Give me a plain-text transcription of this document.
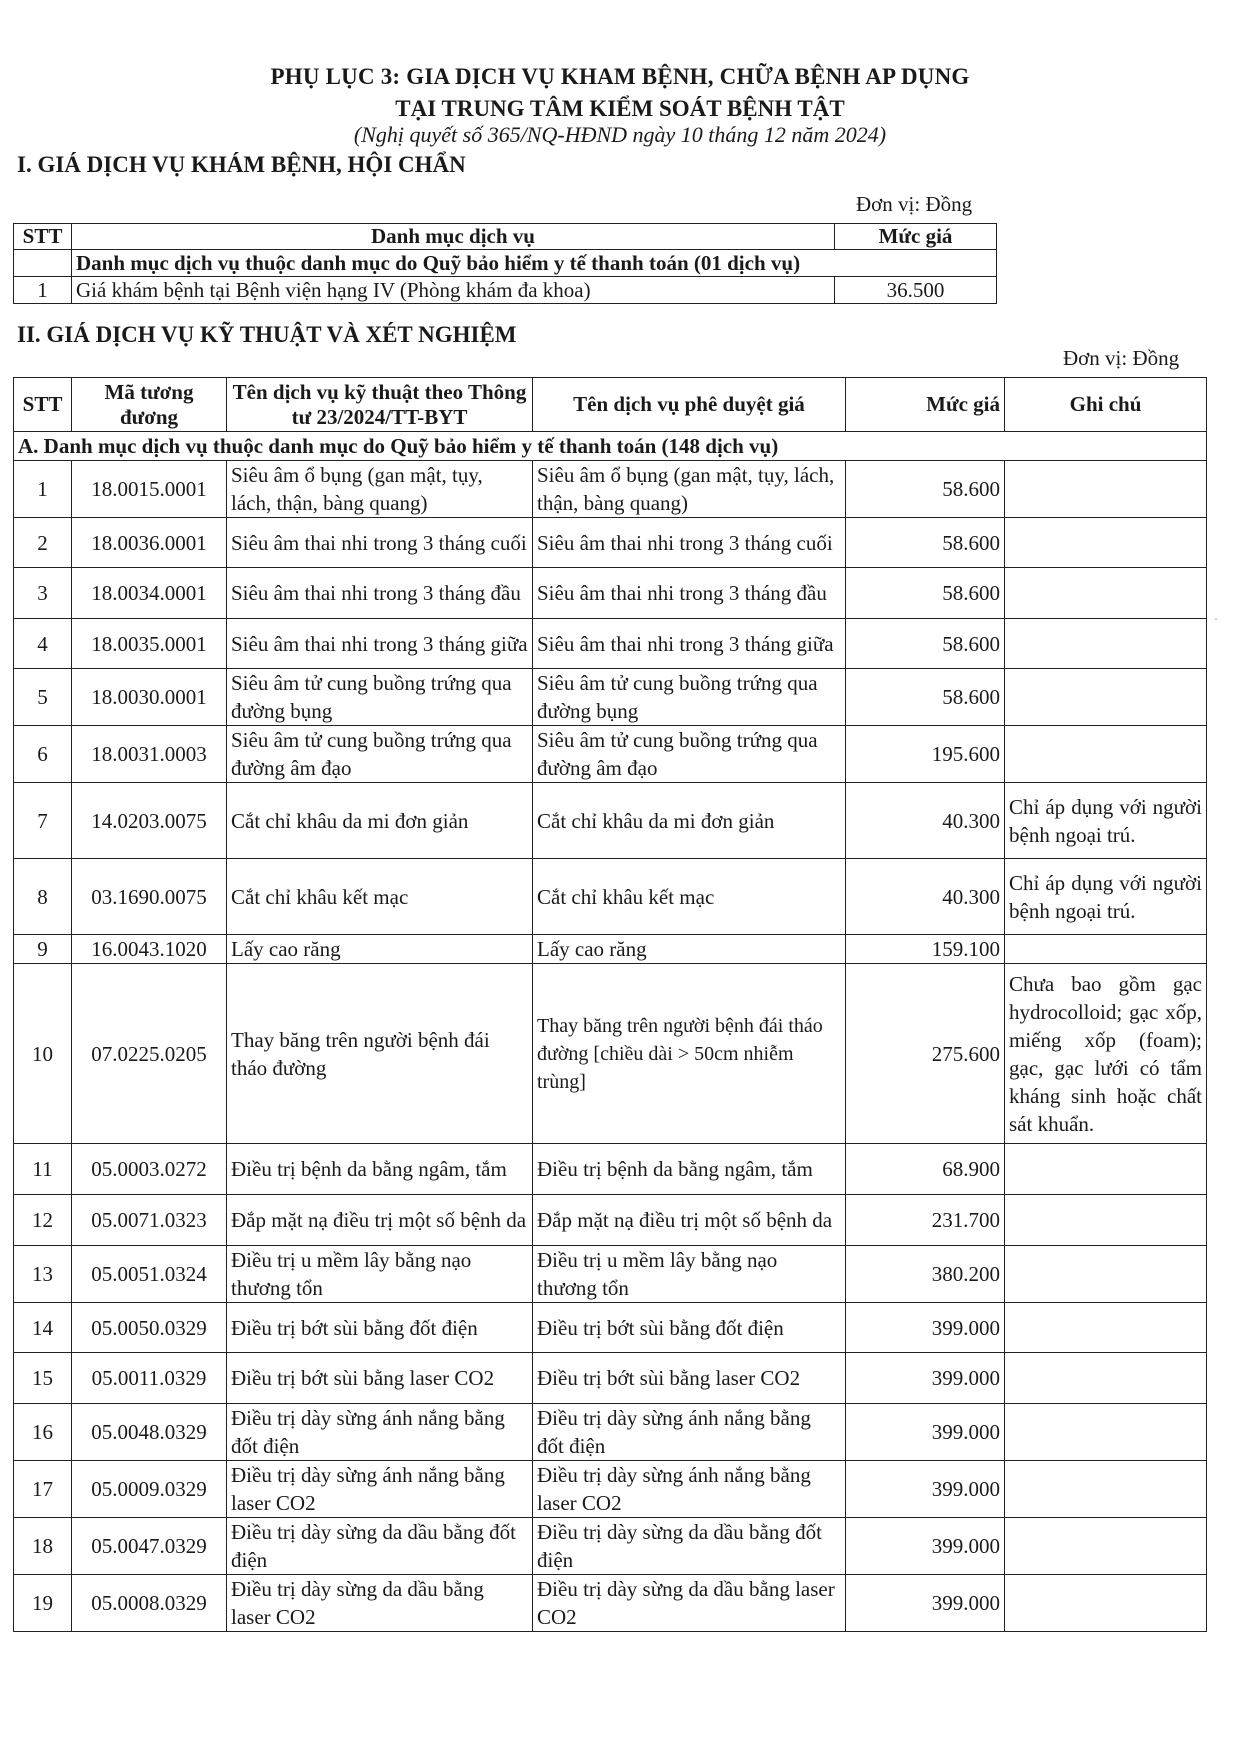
PHỤ LỤC 3: GIA DỊCH VỤ KHAM BỆNH, CHỮA BỆNH AP DỤNG
TẠI TRUNG TÂM KIỂM SOÁT BỆNH TẬT
(Nghị quyết số 365/NQ-HĐND ngày 10 tháng 12 năm 2024)
I. GIÁ DỊCH VỤ KHÁM BỆNH, HỘI CHẨN
Đơn vị: Đồng
STT	Danh mục dịch vụ	Mức giá
	Danh mục dịch vụ thuộc danh mục do Quỹ bảo hiểm y tế thanh toán (01 dịch vụ)	
1	Giá khám bệnh tại Bệnh viện hạng IV (Phòng khám đa khoa)	36.500
II. GIÁ DỊCH VỤ KỸ THUẬT VÀ XÉT NGHIỆM
Đơn vị: Đồng
STT	Mã tương đương	Tên dịch vụ kỹ thuật theo Thông tư 23/2024/TT-BYT	Tên dịch vụ phê duyệt giá	Mức giá	Ghi chú
A. Danh mục dịch vụ thuộc danh mục do Quỹ bảo hiểm y tế thanh toán (148 dịch vụ)					
1	18.0015.0001	Siêu âm ổ bụng (gan mật, tụy, lách, thận, bàng quang)	Siêu âm ổ bụng (gan mật, tụy, lách, thận, bàng quang)	58.600	
2	18.0036.0001	Siêu âm thai nhi trong 3 tháng cuối	Siêu âm thai nhi trong 3 tháng cuối	58.600	
3	18.0034.0001	Siêu âm thai nhi trong 3 tháng đầu	Siêu âm thai nhi trong 3 tháng đầu	58.600	
4	18.0035.0001	Siêu âm thai nhi trong 3 tháng giữa	Siêu âm thai nhi trong 3 tháng giữa	58.600	
5	18.0030.0001	Siêu âm tử cung buồng trứng qua đường bụng	Siêu âm tử cung buồng trứng qua đường bụng	58.600	
6	18.0031.0003	Siêu âm tử cung buồng trứng qua đường âm đạo	Siêu âm tử cung buồng trứng qua đường âm đạo	195.600	
7	14.0203.0075	Cắt chỉ khâu da mi đơn giản	Cắt chỉ khâu da mi đơn giản	40.300	Chỉ áp dụng với người bệnh ngoại trú.
8	03.1690.0075	Cắt chỉ khâu kết mạc	Cắt chỉ khâu kết mạc	40.300	Chỉ áp dụng với người bệnh ngoại trú.
9	16.0043.1020	Lấy cao răng	Lấy cao răng	159.100	
10	07.0225.0205	Thay băng trên người bệnh đái tháo đường	Thay băng trên người bệnh đái tháo đường [chiều dài > 50cm nhiễm trùng]	275.600	Chưa bao gồm gạc hydrocolloid; gạc xốp, miếng xốp (foam); gạc, gạc lưới có tẩm kháng sinh hoặc chất sát khuẩn.
11	05.0003.0272	Điều trị bệnh da bằng ngâm, tắm	Điều trị bệnh da bằng ngâm, tắm	68.900	
12	05.0071.0323	Đắp mặt nạ điều trị một số bệnh da	Đắp mặt nạ điều trị một số bệnh da	231.700	
13	05.0051.0324	Điều trị u mềm lây bằng nạo thương tổn	Điều trị u mềm lây bằng nạo thương tổn	380.200	
14	05.0050.0329	Điều trị bớt sùi bằng đốt điện	Điều trị bớt sùi bằng đốt điện	399.000	
15	05.0011.0329	Điều trị bớt sùi bằng laser CO2	Điều trị bớt sùi bằng laser CO2	399.000	
16	05.0048.0329	Điều trị dày sừng ánh nắng bằng đốt điện	Điều trị dày sừng ánh nắng bằng đốt điện	399.000	
17	05.0009.0329	Điều trị dày sừng ánh nắng bằng laser CO2	Điều trị dày sừng ánh nắng bằng laser CO2	399.000	
18	05.0047.0329	Điều trị dày sừng da dầu bằng đốt điện	Điều trị dày sừng da dầu bằng đốt điện	399.000	
19	05.0008.0329	Điều trị dày sừng da dầu bằng laser CO2	Điều trị dày sừng da dầu bằng laser CO2	399.000	
·
